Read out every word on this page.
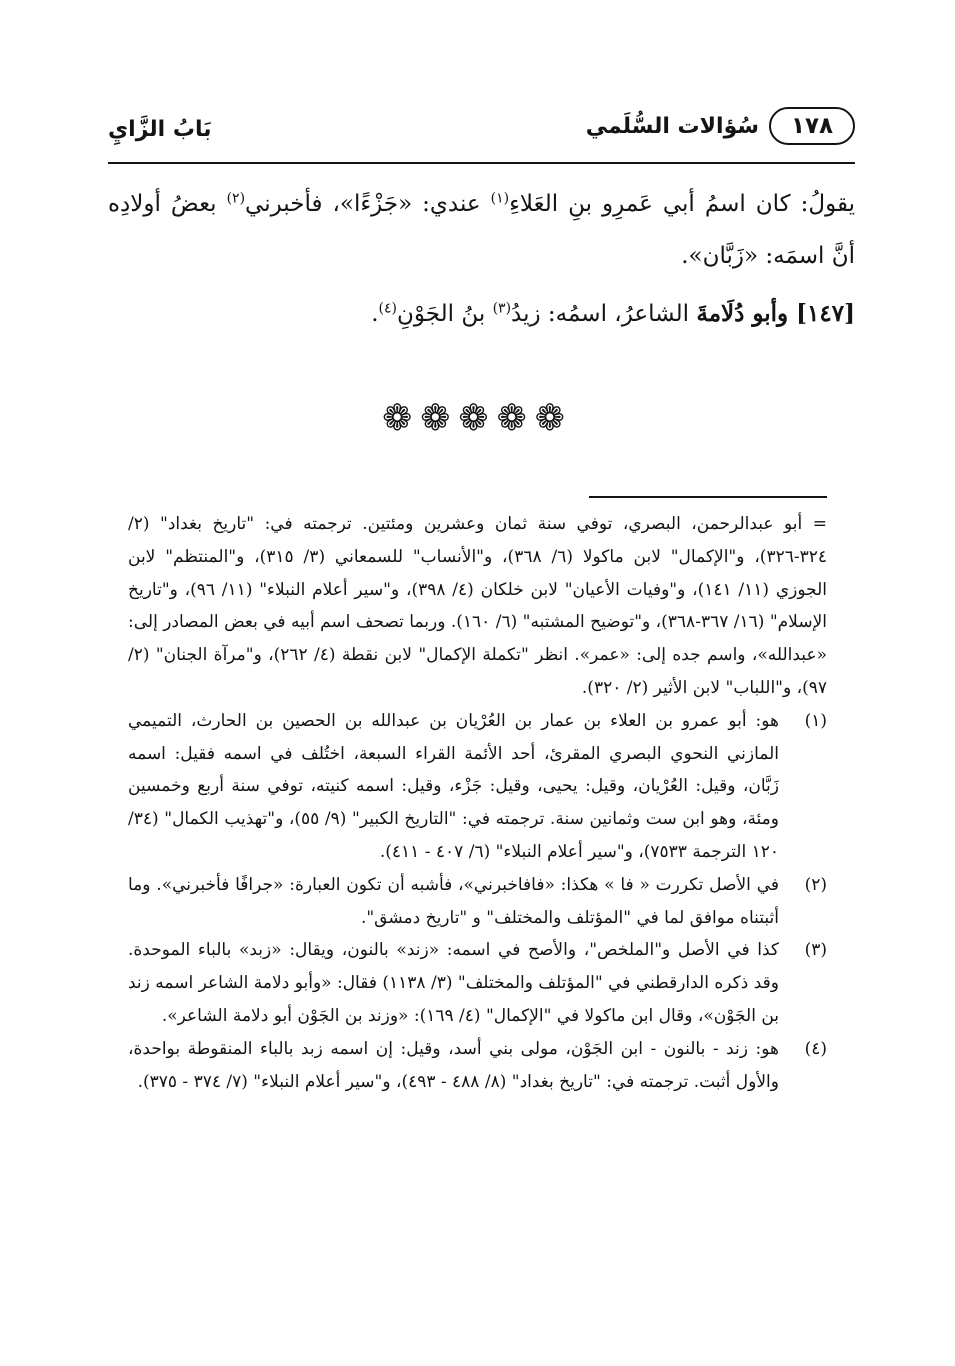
١٧٨
سُؤالات السُّلَمي
بَابُ الزَّايِ

يقولُ: كان اسمُ أبي عَمرِو بنِ العَلاءِ$^{(١)}$ عندي: «جَزْءًا»، فأخبرني$^{(٢)}$ بعضُ أولادِه أنَّ اسمَه: «زَبَّان».

[١٤٧] وأبو دُلَامةَ الشاعرُ، اسمُه: زيدُ$^{(٣)}$ بنُ الجَوْنِ$^{(٤)}$.

❁❁❁❁❁

= أبو عبدالرحمن، البصري، توفي سنة ثمان وعشرين ومئتين. ترجمته في: "تاريخ بغداد" (٢/ ٣٢٤-٣٢٦)، و"الإكمال" لابن ماكولا (٦/ ٣٦٨)، و"الأنساب" للسمعاني (٣/ ٣١٥)، و"المنتظم" لابن الجوزي (١١/ ١٤١)، و"وفيات الأعيان" لابن خلكان (٤/ ٣٩٨)، و"سير أعلام النبلاء" (١١/ ٩٦)، و"تاريخ الإسلام" (١٦/ ٣٦٧-٣٦٨)، و"توضيح المشتبه" (٦/ ١٦٠). وربما تصحف اسم أبيه في بعض المصادر إلى: «عبدالله»، واسم جده إلى: «عمر». انظر "تكملة الإكمال" لابن نقطة (٤/ ٢٦٢)، و"مرآة الجنان" (٢/ ٩٧)، و"اللباب" لابن الأثير (٢/ ٣٢٠).

(١)
هو: أبو عمرو بن العلاء بن عمار بن العُرْيان بن عبدالله بن الحصين بن الحارث، التميمي المازني النحوي البصري المقرئ، أحد الأئمة القراء السبعة، اختُلف في اسمه فقيل: اسمه زَبَّان، وقيل: العُرْيان، وقيل: يحيى، وقيل: جَزْء، وقيل: اسمه كنيته، توفي سنة أربع وخمسين ومئة، وهو ابن ست وثمانين سنة. ترجمته في: "التاريخ الكبير" (٩/ ٥٥)، و"تهذيب الكمال" (٣٤/ ١٢٠ الترجمة ٧٥٣٣)، و"سير أعلام النبلاء" (٦/ ٤٠٧ - ٤١١).

(٢)
في الأصل تكررت « فا » هكذا: «فافاخبرني»، فأشبه أن تكون العبارة: «جرافًا فأخبرني». وما أثبتناه موافق لما في "المؤتلف والمختلف" و "تاريخ دمشق".

(٣)
كذا في الأصل و"الملخص"، والأصح في اسمه: «زند» بالنون، ويقال: «زبد» بالباء الموحدة. وقد ذكره الدارقطني في "المؤتلف والمختلف" (٣/ ١١٣٨) فقال: «وأبو دلامة الشاعر اسمه زند بن الجَوْن»، وقال ابن ماكولا في "الإكمال" (٤/ ١٦٩): «وزند بن الجَوْن أبو دلامة الشاعر».

(٤)
هو: زند - بالنون - ابن الجَوْن، مولى بني أسد، وقيل: إن اسمه زبد بالباء المنقوطة بواحدة، والأول أثبت. ترجمته في: "تاريخ بغداد" (٨/ ٤٨٨ - ٤٩٣)، و"سير أعلام النبلاء" (٧/ ٣٧٤ - ٣٧٥).
